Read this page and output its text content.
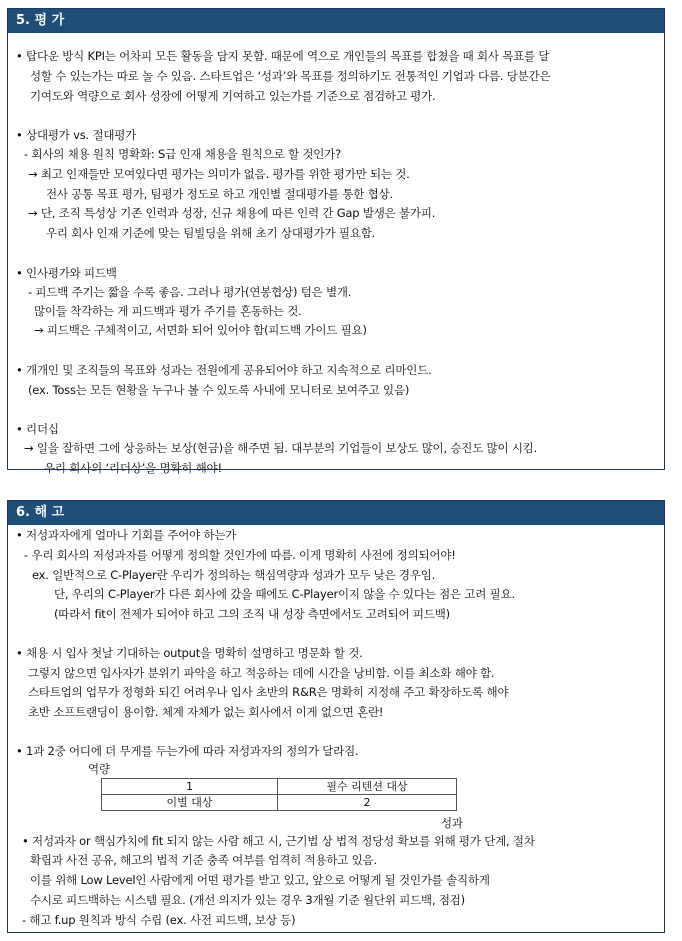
5. 평 가
• 탑다운 방식 KPI는 어차피 모든 활동을 담지 못함. 때문에 역으로 개인들의 목표를 합쳤을 때 회사 목표를 달
성할 수 있는가는 따로 놀 수 있음. 스타트업은 ‘성과’와 목표를 정의하기도 전통적인 기업과 다름. 당분간은
기여도와 역량으로 회사 성장에 어떻게 기여하고 있는가를 기준으로 점검하고 평가.
• 상대평가 vs. 절대평가
- 회사의 채용 원칙 명확화: S급 인재 채용을 원칙으로 할 것인가?
→ 최고 인재들만 모여있다면 평가는 의미가 없음. 평가를 위한 평가만 되는 것.
전사 공통 목표 평가, 팀평가 정도로 하고 개인별 절대평가를 통한 협상.
→ 단, 조직 특성상 기존 인력과 성장, 신규 채용에 따른 인력 간 Gap 발생은 불가피.
우리 회사 인재 기준에 맞는 팀빌딩을 위해 초기 상대평가가 필요함.
• 인사평가와 피드백
- 피드백 주기는 짧을 수록 좋음. 그러나 평가(연봉협상) 텀은 별개.
많이들 착각하는 게 피드백과 평가 주기를 혼동하는 것.
→ 피드백은 구체적이고, 서면화 되어 있어야 함(피드백 가이드 필요)
• 개개인 및 조직들의 목표와 성과는 전원에게 공유되어야 하고 지속적으로 리마인드.
(ex. Toss는 모든 현황을 누구나 볼 수 있도록 사내에 모니터로 보여주고 있음)
• 리더십
→ 일을 잘하면 그에 상응하는 보상(현금)을 해주면 됨. 대부분의 기업들이 보상도 많이, 승진도 많이 시킴.
우리 회사의 ‘리더상’을 명확히 해야!
6. 해 고
• 저성과자에게 얼마나 기회를 주어야 하는가
- 우리 회사의 저성과자를 어떻게 정의할 것인가에 따름. 이게 명확히 사전에 정의되어야!
ex. 일반적으로 C-Player란 우리가 정의하는 핵심역량과 성과가 모두 낮은 경우임.
단, 우리의 C-Player가 다른 회사에 갔을 때에도 C-Player이지 않을 수 있다는 점은 고려 필요.
(따라서 fit이 전제가 되어야 하고 그의 조직 내 성장 측면에서도 고려되어 피드백)
• 채용 시 입사 첫날 기대하는 output을 명확히 설명하고 명문화 할 것.
그렇지 않으면 입사자가 분위기 파악을 하고 적응하는 데에 시간을 낭비함. 이를 최소화 해야 함.
스타트업의 업무가 정형화 되긴 어려우나 입사 초반의 R&R은 명확히 지정해 주고 확장하도록 해야
초반 소프트랜딩이 용이함. 체계 자체가 없는 회사에서 이게 없으면 혼란!
• 1과 2중 어디에 더 무게를 두는가에 따라 저성과자의 정의가 달라짐.
역량
1	필수 리텐션 대상
이별 대상	2
성과
• 저성과자 or 핵심가치에 fit 되지 않는 사람 해고 시, 근기법 상 법적 정당성 확보를 위해 평가 단계, 절차
확립과 사전 공유, 해고의 법적 기준 충족 여부를 엄격히 적용하고 있음.
이를 위해 Low Level인 사람에게 어떤 평가를 받고 있고, 앞으로 어떻게 될 것인가를 솔직하게
수시로 피드백하는 시스템 필요. (개선 의지가 있는 경우 3개월 기준 월단위 피드백, 점검)
- 해고 f.up 원칙과 방식 수립 (ex. 사전 피드백, 보상 등)
